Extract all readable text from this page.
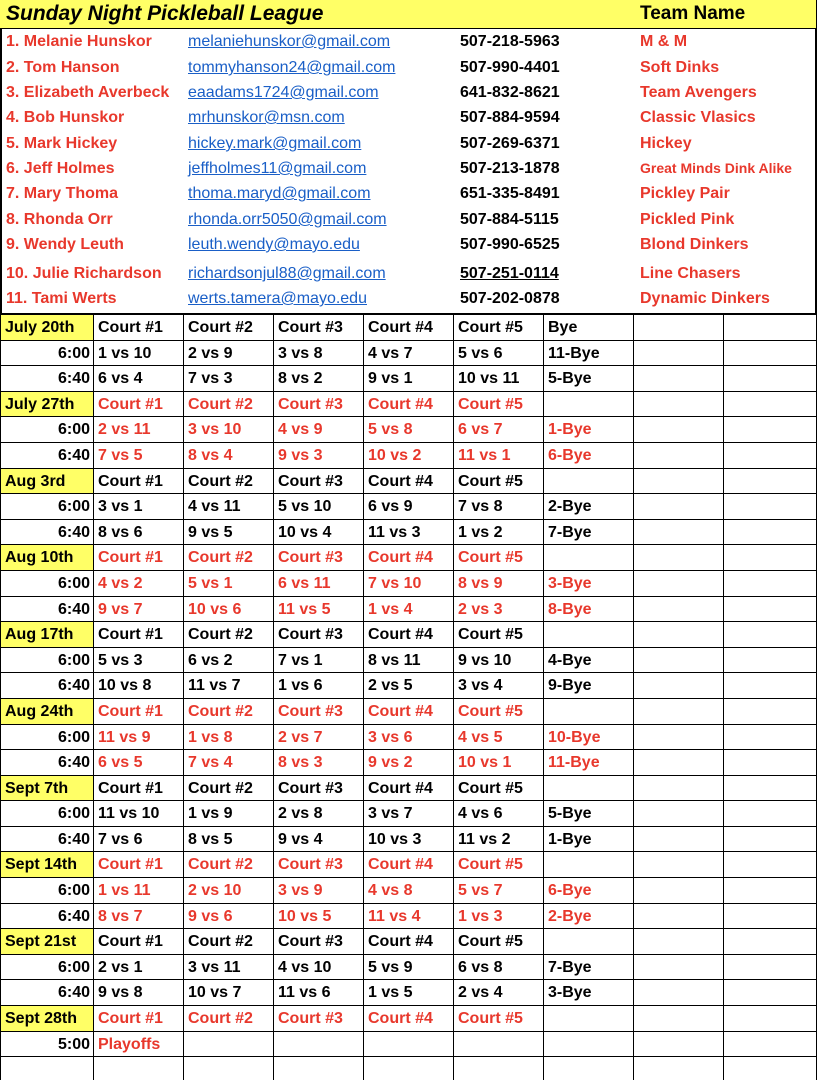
Sunday Night Pickleball League	Team Name
1. Melanie Hunskor melaniehunskor@gmail.com	507-218-5963	M & M
2. Tom Hanson	tommyhanson24@gmail.com	507-990-4401	Soft Dinks
3. Elizabeth Averbeck eaadams1724@gmail.com	641-832-8621	Team Avengers
4. Bob Hunskor	mrhunskor@msn.com	507-884-9594	Classic Vlasics
5. Mark Hickey	hickey.mark@gmail.com	507-269-6371	Hickey
6. Jeff Holmes	jeffholmes11@gmail.com	507-213-1878	Great Minds Dink Alike
7. Mary Thoma	thoma.maryd@gmail.com	651-335-8491	Pickley Pair
8. Rhonda Orr	rhonda.orr5050@gmail.com	507-884-5115	Pickled Pink
9. Wendy Leuth	leuth.wendy@mayo.edu	507-990-6525	Blond Dinkers
10. Julie Richardson richardsonjul88@gmail.com	507-251-0114	Line Chasers
11. Tami Werts	werts.tamera@mayo.edu	507-202-0878	Dynamic Dinkers
July 20th	Court #1	Court #2	Court #3	Court #4	Court #5	Bye
6:00 1 vs 10	2 vs 9	3 vs 8	4 vs 7	5 vs 6	11-Bye
6:40 6 vs 4	7 vs 3	8 vs 2	9 vs 1	10 vs 11	5-Bye
July 27th	Court #1	Court #2	Court #3	Court #4	Court #5
6:00 2 vs 11	3 vs 10	4 vs 9	5 vs 8	6 vs 7	1-Bye
6:40 7 vs 5	8 vs 4	9 vs 3	10 vs 2	11 vs 1	6-Bye
Aug 3rd	Court #1	Court #2	Court #3	Court #4	Court #5
6:00 3 vs 1	4 vs 11	5 vs 10	6 vs 9	7 vs 8	2-Bye
6:40 8 vs 6	9 vs 5	10 vs 4	11 vs 3	1 vs 2	7-Bye
Aug 10th	Court #1	Court #2	Court #3	Court #4	Court #5
6:00 4 vs 2	5 vs 1	6 vs 11	7 vs 10	8 vs 9	3-Bye
6:40 9 vs 7	10 vs 6	11 vs 5	1 vs 4	2 vs 3	8-Bye
Aug 17th	Court #1	Court #2	Court #3	Court #4	Court #5
6:00 5 vs 3	6 vs 2	7 vs 1	8 vs 11	9 vs 10	4-Bye
6:40 10 vs 8	11 vs 7	1 vs 6	2 vs 5	3 vs 4	9-Bye
Aug 24th	Court #1	Court #2	Court #3	Court #4	Court #5
6:00 11 vs 9	1 vs 8	2 vs 7	3 vs 6	4 vs 5	10-Bye
6:40 6 vs 5	7 vs 4	8 vs 3	9 vs 2	10 vs 1	11-Bye
Sept 7th	Court #1	Court #2	Court #3	Court #4	Court #5
6:00 11 vs 10	1 vs 9	2 vs 8	3 vs 7	4 vs 6	5-Bye
6:40 7 vs 6	8 vs 5	9 vs 4	10 vs 3	11 vs 2	1-Bye
Sept 14th	Court #1	Court #2	Court #3	Court #4	Court #5
6:00 1 vs 11	2 vs 10	3 vs 9	4 vs 8	5 vs 7	6-Bye
6:40 8 vs 7	9 vs 6	10 vs 5	11 vs 4	1 vs 3	2-Bye
Sept 21st	Court #1	Court #2	Court #3	Court #4	Court #5
6:00 2 vs 1	3 vs 11	4 vs 10	5 vs 9	6 vs 8	7-Bye
6:40 9 vs 8	10 vs 7	11 vs 6	1 vs 5	2 vs 4	3-Bye
Sept 28th	Court #1	Court #2	Court #3	Court #4	Court #5
5:00 Playoffs
